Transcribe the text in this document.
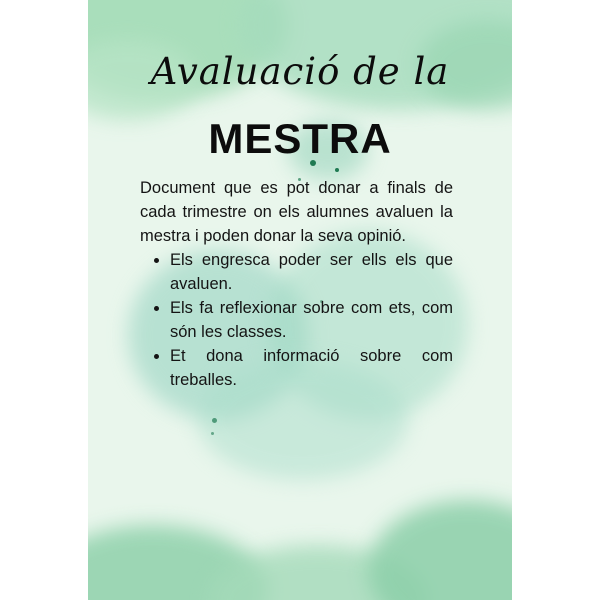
Avaluació de la
MESTRA

Document que es pot donar a finals de cada trimestre on els alumnes avaluen la mestra i poden donar la seva opinió.

• Els engresca poder ser ells els que avaluen.
• Els fa reflexionar sobre com ets, com són les classes.
• Et dona informació sobre com treballes.
